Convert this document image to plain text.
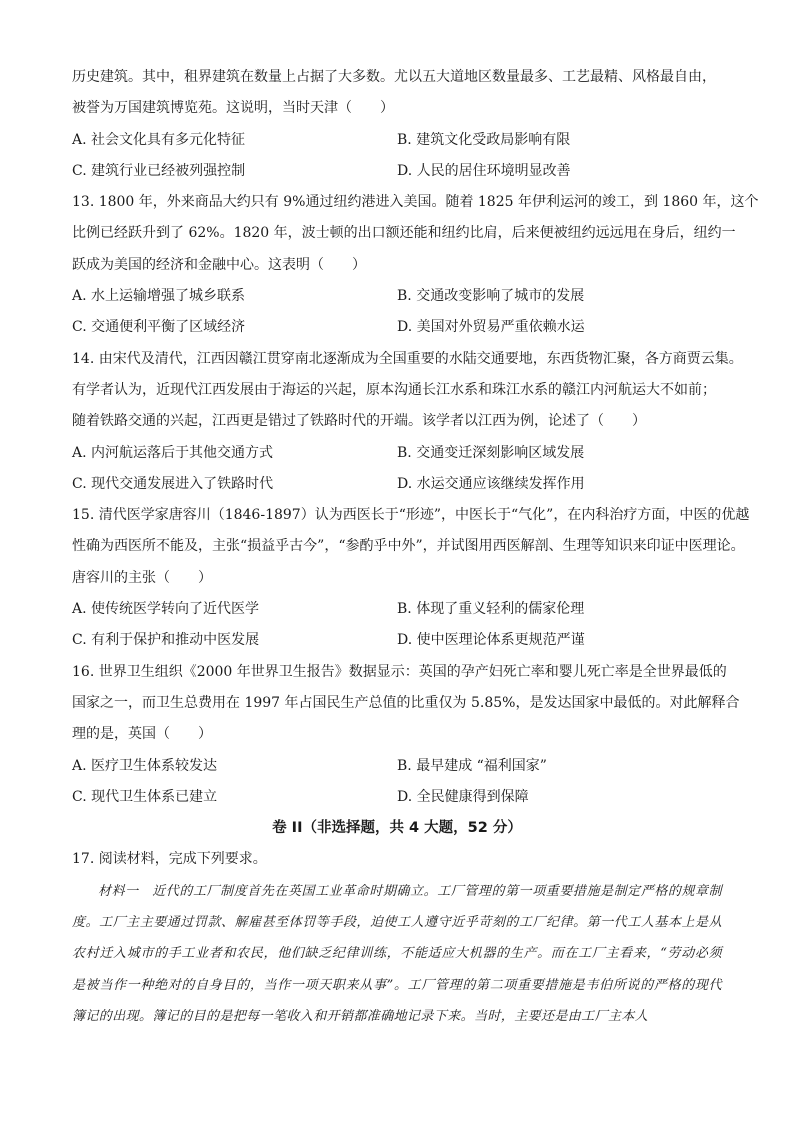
历史建筑。其中，租界建筑在数量上占据了大多数。尤以五大道地区数量最多、工艺最精、风格最自由，

被誉为万国建筑博览苑。这说明，当时天津（　　）

A. 社会文化具有多元化特征	B. 建筑文化受政局影响有限
C. 建筑行业已经被列强控制	D. 人民的居住环境明显改善

13. 1800 年，外来商品大约只有 9%通过纽约港进入美国。随着 1825 年伊利运河的竣工，到 1860 年，这个

比例已经跃升到了 62%。1820 年，波士顿的出口额还能和纽约比肩，后来便被纽约远远甩在身后，纽约一

跃成为美国的经济和金融中心。这表明（　　）

A. 水上运输增强了城乡联系	B. 交通改变影响了城市的发展
C. 交通便利平衡了区域经济	D. 美国对外贸易严重依赖水运

14. 由宋代及清代，江西因赣江贯穿南北逐渐成为全国重要的水陆交通要地，东西货物汇聚，各方商贾云集。

有学者认为，近现代江西发展由于海运的兴起，原本沟通长江水系和珠江水系的赣江内河航运大不如前；

随着铁路交通的兴起，江西更是错过了铁路时代的开端。该学者以江西为例，论述了（　　）

A. 内河航运落后于其他交通方式	B. 交通变迁深刻影响区域发展
C. 现代交通发展进入了铁路时代	D. 水运交通应该继续发挥作用

15. 清代医学家唐容川（1846-1897）认为西医长于“形迹”，中医长于“气化”，在内科治疗方面，中医的优越

性确为西医所不能及，主张“损益乎古今”，“参酌乎中外”，并试图用西医解剖、生理等知识来印证中医理论。

唐容川的主张（　　）

A. 使传统医学转向了近代医学	B. 体现了重义轻利的儒家伦理
C. 有利于保护和推动中医发展	D. 使中医理论体系更规范严谨

16. 世界卫生组织《2000 年世界卫生报告》数据显示：英国的孕产妇死亡率和婴儿死亡率是全世界最低的

国家之一，而卫生总费用在 1997 年占国民生产总值的比重仅为 5.85%，是发达国家中最低的。对此解释合

理的是，英国（　　）

A. 医疗卫生体系较发达	B. 最早建成 “福利国家”
C. 现代卫生体系已建立	D. 全民健康得到保障

卷 II（非选择题，共 4 大题，52 分）

17. 阅读材料，完成下列要求。

材料一　近代的工厂制度首先在英国工业革命时期确立。工厂管理的第一项重要措施是制定严格的规章制度。工厂主主要通过罚款、解雇甚至体罚等手段，迫使工人遵守近乎苛刻的工厂纪律。第一代工人基本上是从农村迁入城市的手工业者和农民，他们缺乏纪律训练，不能适应大机器的生产。而在工厂主看来，“劳动必须是被当作一种绝对的自身目的，当作一项天职来从事”。工厂管理的第二项重要措施是韦伯所说的严格的现代簿记的出现。簿记的目的是把每一笔收入和开销都准确地记录下来。当时，主要还是由工厂主本人
